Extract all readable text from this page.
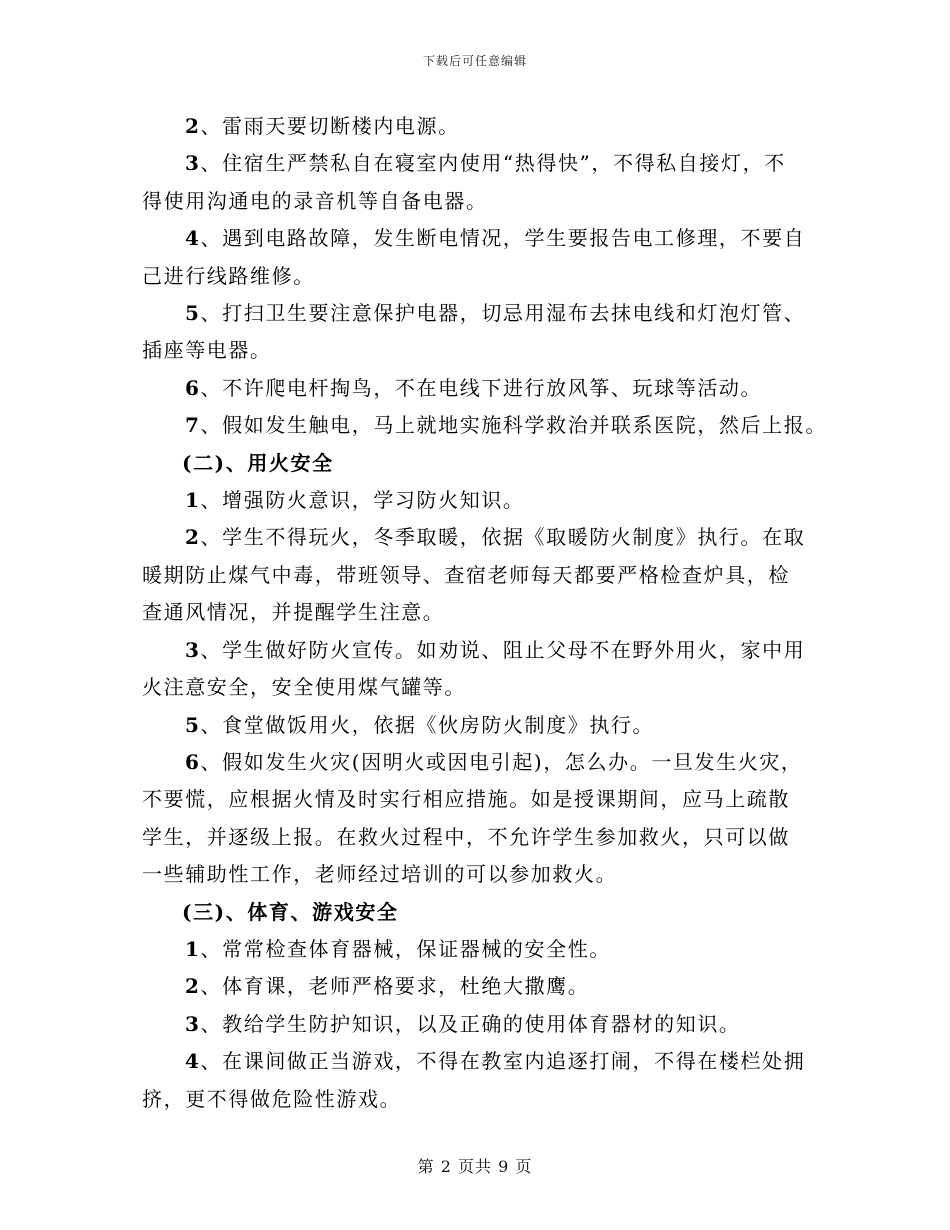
下载后可任意编辑
2、雷雨天要切断楼内电源。
3、住宿生严禁私自在寝室内使用“热得快”，不得私自接灯，不
得使用沟通电的录音机等自备电器。
4、遇到电路故障，发生断电情况，学生要报告电工修理，不要自
己进行线路维修。
5、打扫卫生要注意保护电器，切忌用湿布去抹电线和灯泡灯管、
插座等电器。
6、不许爬电杆掏鸟，不在电线下进行放风筝、玩球等活动。
7、假如发生触电，马上就地实施科学救治并联系医院，然后上报。
(二)、用火安全
1、增强防火意识，学习防火知识。
2、学生不得玩火，冬季取暖，依据《取暖防火制度》执行。在取
暖期防止煤气中毒，带班领导、查宿老师每天都要严格检查炉具，检
查通风情况，并提醒学生注意。
3、学生做好防火宣传。如劝说、阻止父母不在野外用火，家中用
火注意安全，安全使用煤气罐等。
5、食堂做饭用火，依据《伙房防火制度》执行。
6、假如发生火灾(因明火或因电引起)，怎么办。一旦发生火灾，
不要慌，应根据火情及时实行相应措施。如是授课期间，应马上疏散
学生，并逐级上报。在救火过程中，不允许学生参加救火，只可以做
一些辅助性工作，老师经过培训的可以参加救火。
(三)、体育、游戏安全
1、常常检查体育器械，保证器械的安全性。
2、体育课，老师严格要求，杜绝大撒鹰。
3、教给学生防护知识，以及正确的使用体育器材的知识。
4、在课间做正当游戏，不得在教室内追逐打闹，不得在楼栏处拥
挤，更不得做危险性游戏。
第 2 页共 9 页
